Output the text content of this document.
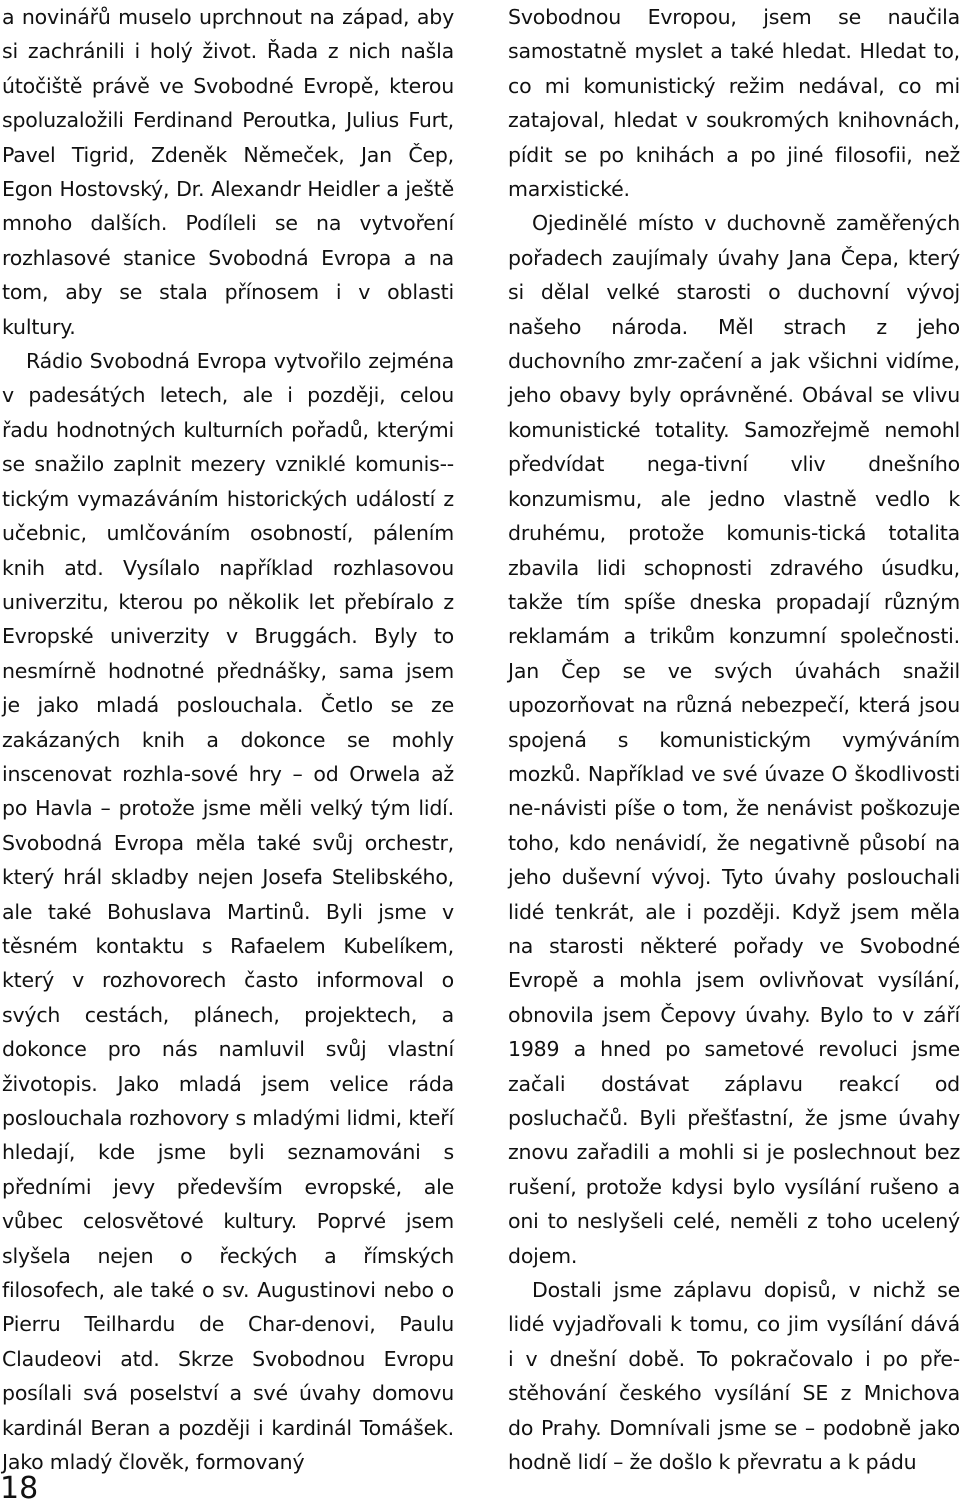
a novinářů muselo uprchnout na západ, aby si zachránili i holý život. Řada z nich našla útočiště právě ve Svobodné Evropě, kterou spoluzaložili Ferdinand Peroutka, Julius Furt, Pavel Tigrid, Zdeněk Němeček, Jan Čep, Egon Hostovský, Dr. Alexandr Heidler a ještě mnoho dalších. Podíleli se na vytvoření rozhlasové stanice Svobodná Evropa a na tom, aby se stala přínosem i v oblasti kultury.

Rádio Svobodná Evropa vytvořilo zejména v padesátých letech, ale i později, celou řadu hodnotných kulturních pořadů, kterými se snažilo zaplnit mezery vzniklé komunis--tickým vymazáváním historických událostí z učebnic, umlčováním osobností, pálením knih atd. Vysílalo například rozhlasovou univerzitu, kterou po několik let přebíralo z Evropské univerzity v Bruggách. Byly to nesmírně hodnotné přednášky, sama jsem je jako mladá poslouchala. Četlo se ze zakázaných knih a dokonce se mohly inscenovat rozhla-sové hry – od Orwela až po Havla – protože jsme měli velký tým lidí. Svobodná Evropa měla také svůj orchestr, který hrál skladby nejen Josefa Stelibského, ale také Bohuslava Martinů. Byli jsme v těsném kontaktu s Rafaelem Kubelíkem, který v rozhovorech často informoval o svých cestách, plánech, projektech, a dokonce pro nás namluvil svůj vlastní životopis. Jako mladá jsem velice ráda poslouchala rozhovory s mladými lidmi, kteří hledají, kde jsme byli seznamováni s předními jevy především evropské, ale vůbec celosvětové kultury. Poprvé jsem slyšela nejen o řeckých a římských filosofech, ale také o sv. Augustinovi nebo o Pierru Teilhardu de Char-denovi, Paulu Claudeovi atd. Skrze Svobodnou Evropu posílali svá poselství a své úvahy domovu kardinál Beran a později i kardinál Tomášek. Jako mladý člověk, formovaný

Svobodnou Evropou, jsem se naučila samostatně myslet a také hledat. Hledat to, co mi komunistický režim nedával, co mi zatajoval, hledat v soukromých knihovnách, pídit se po knihách a po jiné filosofii, než marxistické.

Ojedinělé místo v duchovně zaměřených pořadech zaujímaly úvahy Jana Čepa, který si dělal velké starosti o duchovní vývoj našeho národa. Měl strach z jeho duchovního zmr-začení a jak všichni vidíme, jeho obavy byly oprávněné. Obával se vlivu komunistické totality. Samozřejmě nemohl předvídat nega-tivní vliv dnešního konzumismu, ale jedno vlastně vedlo k druhému, protože komunis-tická totalita zbavila lidi schopnosti zdravého úsudku, takže tím spíše dneska propadají různým reklamám a trikům konzumní společnosti. Jan Čep se ve svých úvahách snažil upozorňovat na různá nebezpečí, která jsou spojená s komunistickým vymýváním mozků. Například ve své úvaze O škodlivosti ne-návisti píše o tom, že nenávist poškozuje toho, kdo nenávidí, že negativně působí na jeho duševní vývoj. Tyto úvahy poslouchali lidé tenkrát, ale i později. Když jsem měla na starosti některé pořady ve Svobodné Evropě a mohla jsem ovlivňovat vysílání, obnovila jsem Čepovy úvahy. Bylo to v září 1989 a hned po sametové revoluci jsme začali dostávat záplavu reakcí od posluchačů. Byli přešťastní, že jsme úvahy znovu zařadili a mohli si je poslechnout bez rušení, protože kdysi bylo vysílání rušeno a oni to neslyšeli celé, neměli z toho ucelený dojem.

Dostali jsme záplavu dopisů, v nichž se lidé vyjadřovali k tomu, co jim vysílání dává i v dnešní době. To pokračovalo i po pře-stěhování českého vysílání SE z Mnichova do Prahy. Domnívali jsme se – podobně jako hodně lidí – že došlo k převratu a k pádu

18
